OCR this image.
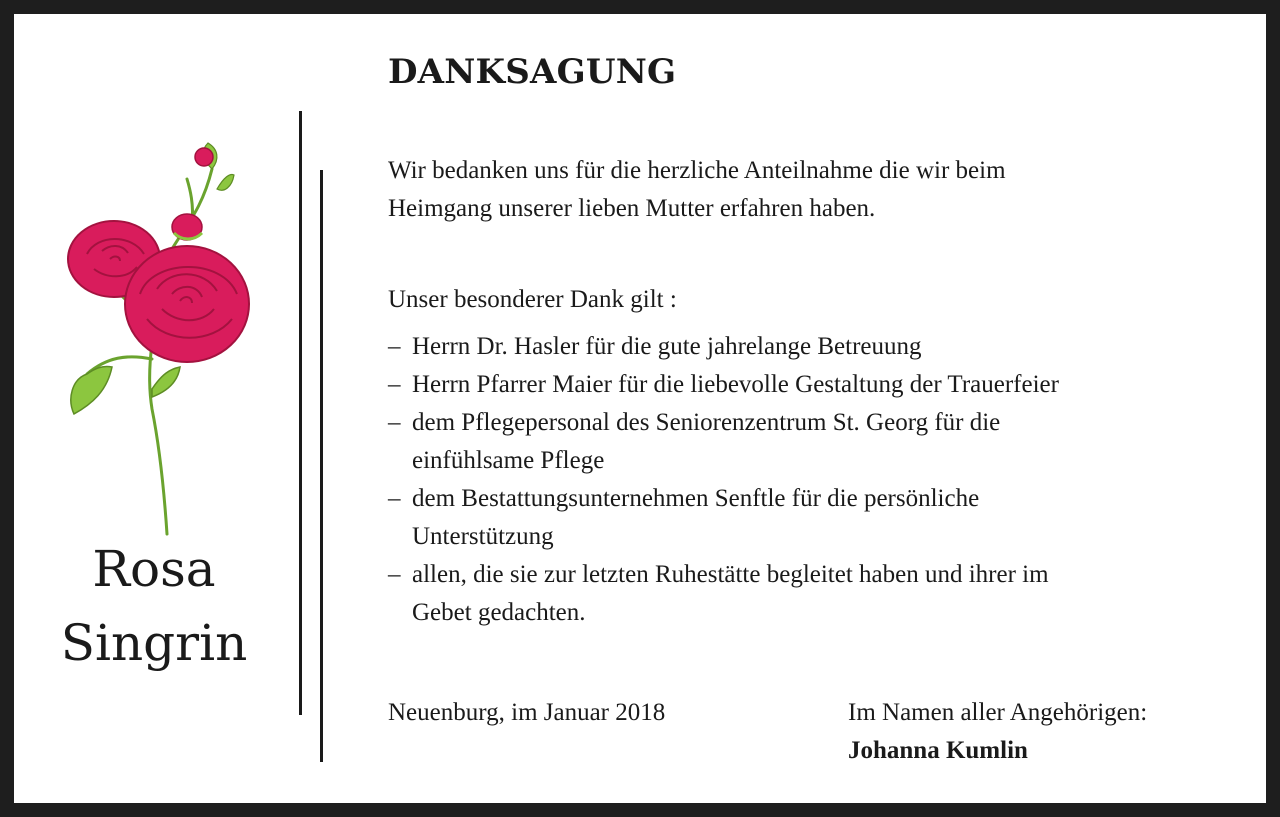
Rosa
Singrin
DANKSAGUNG
Wir bedanken uns für die herzliche Anteilnahme die wir beim
Heimgang unserer lieben Mutter erfahren haben.
Unser besonderer Dank gilt :
– Herrn Dr. Hasler für die gute jahrelange Betreuung
– Herrn Pfarrer Maier für die liebevolle Gestaltung der Trauerfeier
– dem Pflegepersonal des Seniorenzentrum St. Georg für die
einfühlsame Pflege
– dem Bestattungsunternehmen Senftle für die persönliche
Unterstützung
– allen, die sie zur letzten Ruhestätte begleitet haben und ihrer im
Gebet gedachten.
Neuenburg, im Januar 2018	Im Namen aller Angehörigen:
Johanna Kumlin
